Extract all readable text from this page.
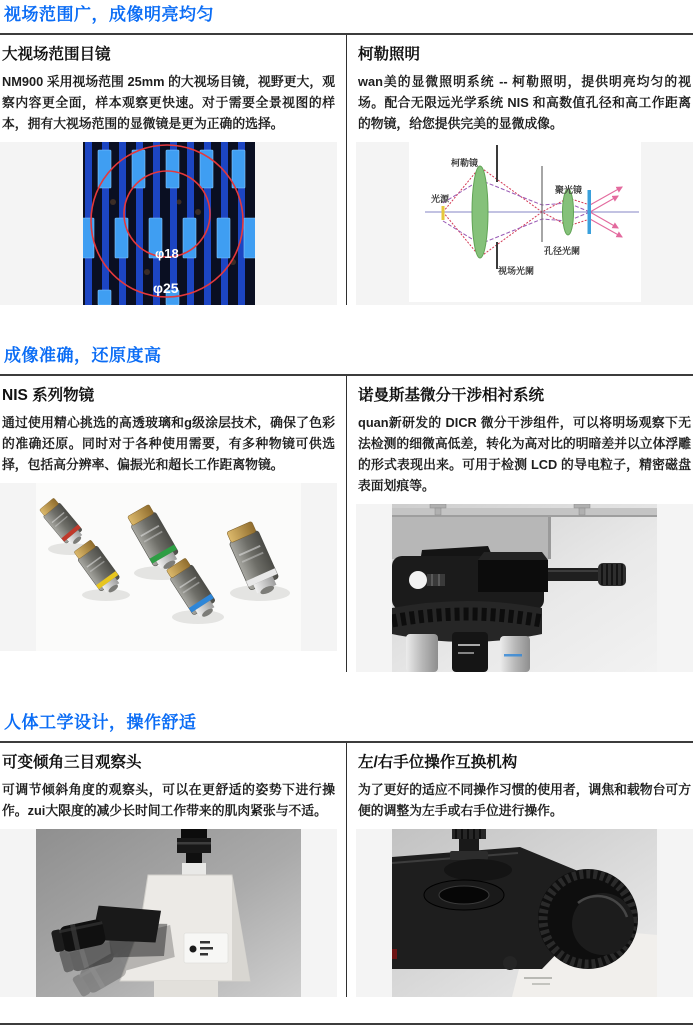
视场范围广，成像明亮均匀
大视场范围目镜

NM900 采用视场范围 25mm 的大视场目镜，视野更大，观察内容更全面，样本观察更快速。对于需要全景视图的样本，拥有大视场范围的显微镜是更为正确的选择。

φ18
φ25
柯勒照明

wan美的显微照明系统 -- 柯勒照明，提供明亮均匀的视场。配合无限远光学系统 NIS 和高数值孔径和高工作距离的物镜，给您提供完美的显微成像。

柯勒镜
光源
聚光镜
孔径光阑
视场光阑
成像准确，还原度高
NIS 系列物镜

通过使用精心挑选的高透玻璃和g级涂层技术，确保了色彩的准确还原。同时对于各种使用需要，有多种物镜可供选择，包括高分辨率、偏振光和超长工作距离物镜。

诺曼斯基微分干涉相衬系统

quan新研发的 DICR 微分干涉组件，可以将明场观察下无法检测的细微高低差，转化为高对比的明暗差并以立体浮雕的形式表现出来。可用于检测 LCD 的导电粒子，精密磁盘表面划痕等。

人体工学设计，操作舒适
可变倾角三目观察头

可调节倾斜角度的观察头，可以在更舒适的姿势下进行操作。zui大限度的减少长时间工作带来的肌肉紧张与不适。

左/右手位操作互换机构

为了更好的适应不同操作习惯的使用者，调焦和载物台可方便的调整为左手或右手位进行操作。
